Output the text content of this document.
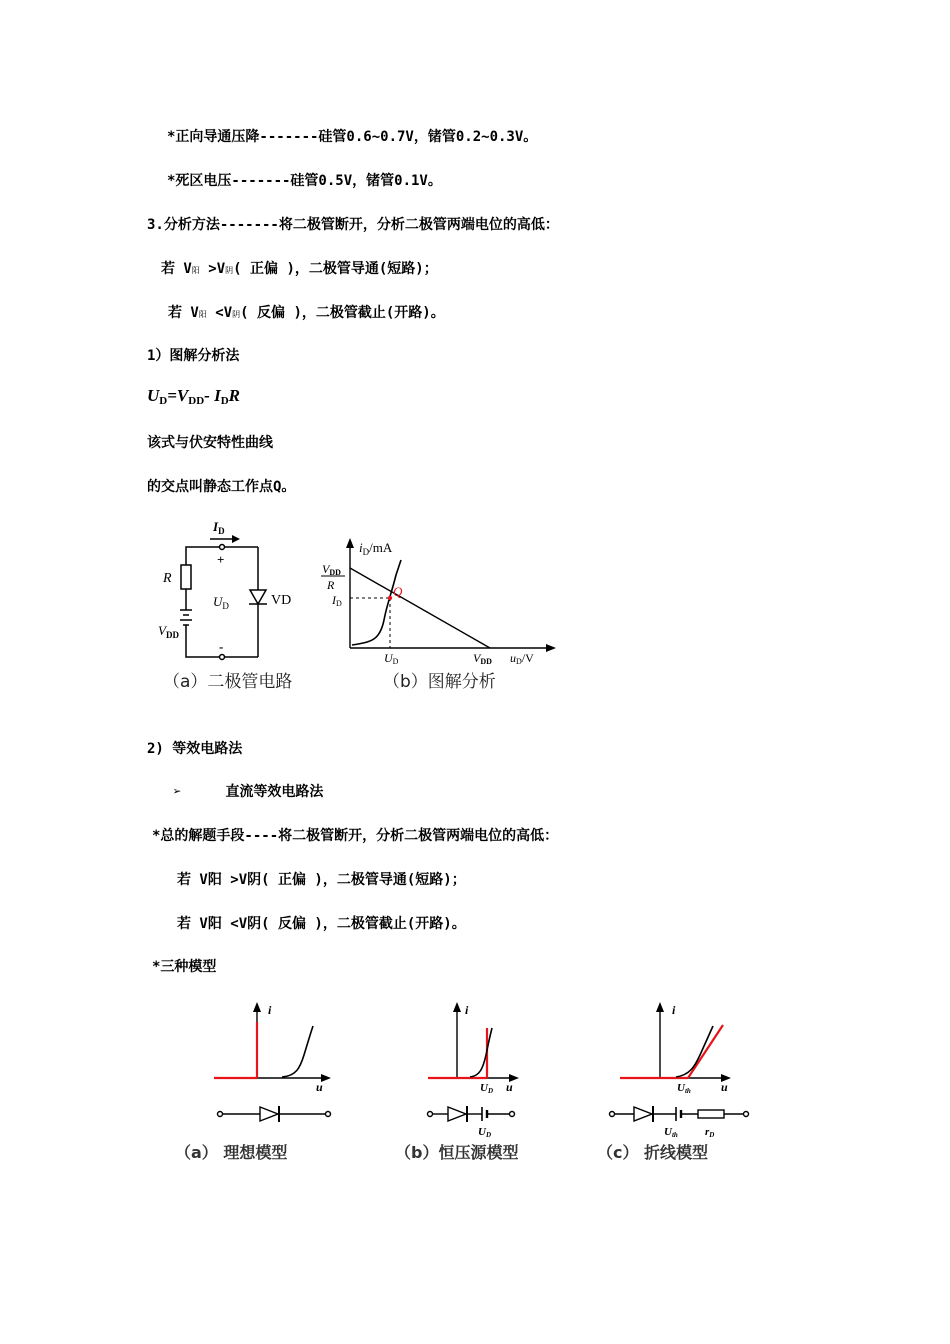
*正向导通压降-------硅管0.6~0.7V，锗管0.2~0.3V。
*死区电压-------硅管0.5V，锗管0.1V。
3.分析方法-------将二极管断开，分析二极管两端电位的高低：
若 V阳 >V阴( 正偏 )，二极管导通(短路)；
若 V阳 <V阴( 反偏 )，二极管截止(开路)。
1）图解分析法
UD=VDD- IDR
该式与伏安特性曲线
的交点叫静态工作点Q。
$I_D$
+
-
R
$U_D$	VD
$V_{DD}$
Q
$i_D/mA$
VDD
R
ID
UD	VDD uD/V
（a）二极管电路	（b）图解分析
2) 等效电路法
➢	直流等效电路法
*总的解题手段----将二极管断开，分析二极管两端电位的高低：
若 V阳 >V阴( 正偏 )，二极管导通(短路)；
若 V阳 <V阴( 反偏 )，二极管截止(开路)。
*三种模型
i
u
（a） 理想模型
i
UD u
UD
（b）恒压源模型
i
Uth	u
Uth rD
（c） 折线模型
